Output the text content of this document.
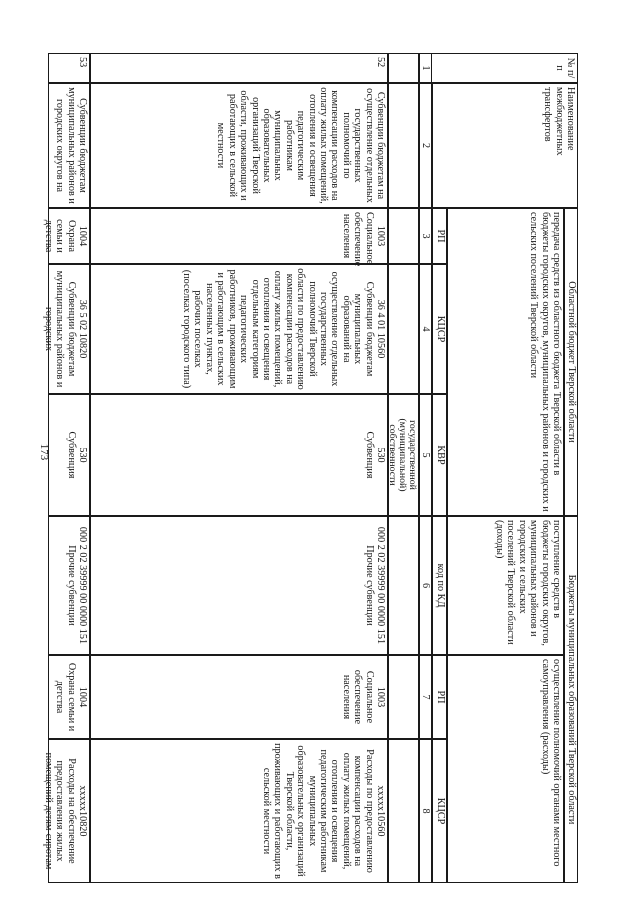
173
№ п/п
Наименование межбюджетных трансфертов
Областной бюджет Тверской области
передача средств из областного бюджета Тверской области в бюджеты городских округов, муниципальных районов и городских и сельских поселений Тверской области
Бюджеты муниципальных образований Тверской области
поступление средств в бюджеты городских округов, муниципальных районов и городских и сельских поселений Тверской области (доходы)
осуществление полномочий органами местного самоуправления (расходы)
РП
КЦСР
КВР
код по КД
РП
КЦСР
2
3
4
5
6
7
8
1
государственной (муниципальной) собственности
52
Субвенции бюджетам на осуществление отдельных государственных полномочий по компенсации расходов на оплату жилых помещений, отопления и освещения педагогическим работникам муниципальных образовательных организаций Тверской области, проживающих и работающих в сельской местности
1003
Социальное обеспечение населения
36 4 01 10560
Субвенции бюджетам муниципальных образований на осуществление отдельных государственных полномочий Тверской области по предоставлению компенсации расходов на оплату жилых помещений, отопления и освещения отдельным категориям педагогических работников, проживающим и работающим в сельских населенных пунктах, рабочих поселках (поселках городского типа)
530
Субвенция
000 2 02 39999 00 0000 151
Прочие субвенции
1003
Социальное обеспечение населения
xxxxx10560
Расходы по предоставлению компенсации расходов на оплату жилых помещений, отопления и освещения педагогическим работникам муниципальных образовательных организаций Тверской области, проживающих и работающих в сельской местности
53
Субвенции бюджетам муниципальных районов и городских округов на
1004
Охрана семьи и детства
36 5 02 10820
Субвенции бюджетам муниципальных районов и городских
530
Субвенция
000 2 02 39999 00 0000 151
Прочие субвенции
1004
Охрана семьи и детства
xxxxx10820
Расходы на обеспечение предоставления жилых помещений детям-сиротам
